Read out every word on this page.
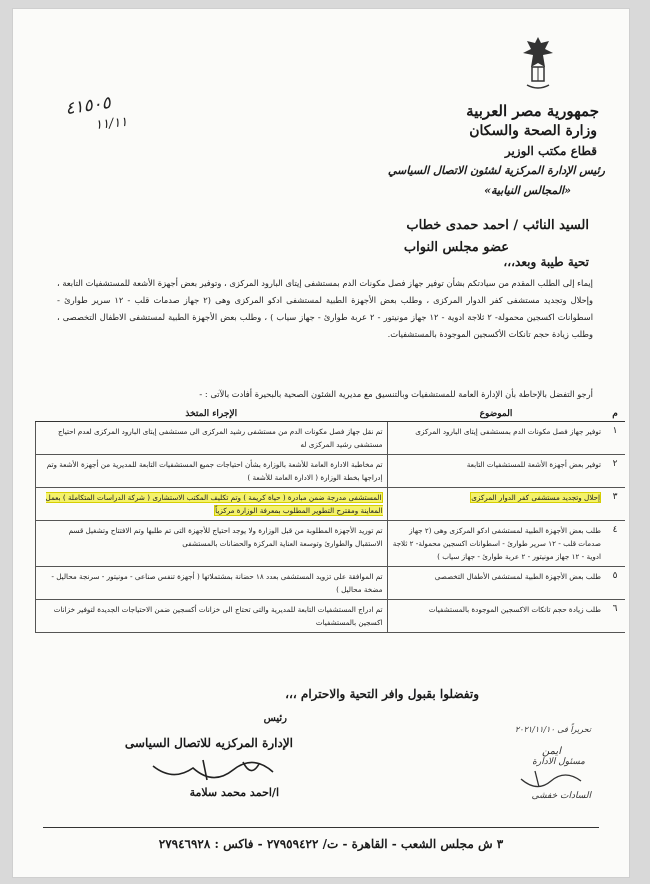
جمهورية مصر العربية
وزارة الصحة والسكان
قطاع مكتب الوزير
رئيس الإدارة المركزية لشئون الاتصال السياسي
«المجالس النيابية»
٤١٥٠٥
١١/١١
السيد النائب / احمد حمدى خطاب
عضو مجلس النواب
تحية طيبة وبعد،،،
إيماء إلى الطلب المقدم من سيادتكم بشأن توفير جهاز فصل مكونات الدم بمستشفى إيتاى البارود المركزى ، وتوفير بعض أجهزة الأشعة للمستشفيات التابعة ، وإحلال وتجديد مستشفى كفر الدوار المركزى ، وطلب بعض الأجهزة الطبية لمستشفى ادكو المركزى وهى (٢ جهاز صدمات قلب - ١٢ سرير طوارئ - اسطوانات اكسجين محمولة- ٢ ثلاجة ادوية - ١٢ جهاز مونيتور - ٢ عربة طوارئ - جهاز سياب ) ، وطلب بعض الأجهزة الطبية لمستشفى الاطفال التخصصى ، وطلب زيادة حجم تانكات الأكسجين الموجودة بالمستشفيات.
أرجو التفضل بالإحاطة بأن الإدارة العامة للمستشفيات وبالتنسيق مع مديرية الشئون الصحية بالبحيرة أفادت بالآتى : -
م	الموضوع	الإجراء المتخذ
١	توفير جهاز فصل مكونات الدم بمستشفى إيتاى البارود المركزى	تم نقل جهاز فصل مكونات الدم من مستشفى رشيد المركزى الى مستشفى إيتاى البارود المركزى لعدم احتياج مستشفى رشيد المركزى له
٢	توفير بعض أجهزة الأشعة للمستشفيات التابعة	تم مخاطبة الادارة العامة للأشعة بالوزارة بشأن احتياجات جميع المستشفيات التابعة للمديرية من أجهزة الأشعة وتم إدراجها بخطة الوزارة ( الادارة العامة للأشعة )
٣	إحلال وتجديد مستشفى كفر الدوار المركزى	المستشفى مدرجة ضمن مبادرة ( حياة كريمة ) وتم تكليف المكتب الاستشارى ( شركة الدراسات المتكاملة ) بعمل المعاينة ومقترح التطوير المطلوب بمعرفة الوزارة مركزياً
٤	طلب بعض الأجهزة الطبية لمستشفى ادكو المركزى وهى (٢ جهاز صدمات قلب - ١٢ سرير طوارئ - اسطوانات اكسجين محمولة- ٢ ثلاجة ادوية - ١٢ جهاز مونيتور - ٢ عربة طوارئ - جهاز سياب )	تم توريد الأجهزة المطلوبة من قبل الوزارة ولا يوجد احتياج للأجهزة التى تم طلبها وتم الافتتاح وتشغيل قسم الاستقبال والطوارئ وتوسعة العناية المركزة والحضانات بالمستشفى
٥	طلب بعض الأجهزة الطبية لمستشفى الأطفال التخصصى	تم الموافقة على تزويد المستشفى بعدد ١٨ حضانة بمشتملاتها ( أجهزة تنفس صناعى - مونيتور - سرنجة محاليل - مضخة محاليل )
٦	طلب زيادة حجم تانكات الاكسجين الموجودة بالمستشفيات	تم ادراج المستشفيات التابعة للمديرية والتى تحتاج الى خزانات أكسجين ضمن الاحتياجات الجديدة لتوفير خزانات اكسجين بالمستشفيات
وتفضلوا بقبول وافر التحية والاحترام ،،،
رئيس
الإدارة المركزيه للاتصال السياسى
ا/احمد محمد سلامة
تحريراً فى ٢٠٢١/١١/١٠
ايمن
مسئول الادارة
السادات خفشى
٣ ش مجلس الشعب - القاهرة - ت/ ٢٧٩٥٩٤٢٢ - فاكس : ٢٧٩٤٦٩٢٨
